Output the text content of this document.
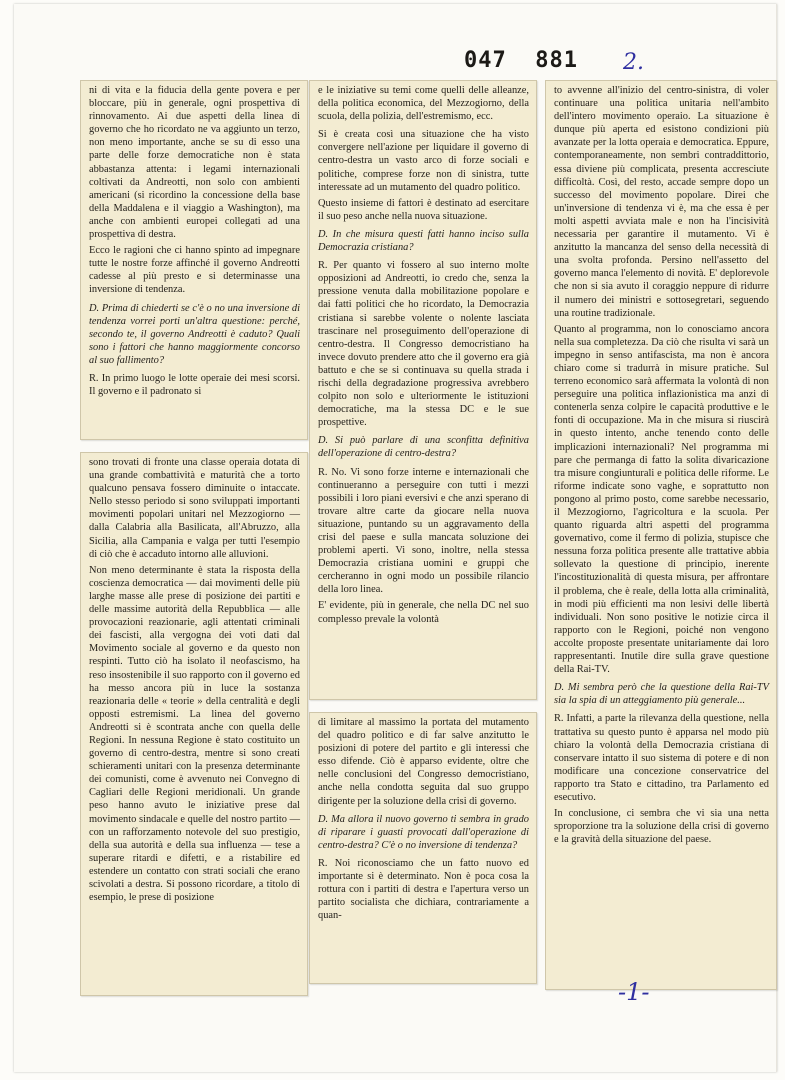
047  881 2.

ni di vita e la fiducia della gente povera e per bloccare, più in generale, ogni prospettiva di rinnovamento. Ai due aspetti della linea di governo che ho ricordato ne va aggiunto un terzo, non meno importante, anche se su di esso una parte delle forze democratiche non è stata abbastanza attenta: i legami internazionali coltivati da Andreotti, non solo con ambienti americani (si ricordino la concessione della base della Maddalena e il viaggio a Washington), ma anche con ambienti europei collegati ad una prospettiva di destra.

Ecco le ragioni che ci hanno spinto ad impegnare tutte le nostre forze affinché il governo Andreotti cadesse al più presto e si determinasse una inversione di tendenza.

D. Prima di chiederti se c'è o no una inversione di tendenza vorrei porti un'altra questione: perché, secondo te, il governo Andreotti è caduto? Quali sono i fattori che hanno maggiormente concorso al suo fallimento?

R. In primo luogo le lotte operaie dei mesi scorsi. Il governo e il padronato si

sono trovati di fronte una classe operaia dotata di una grande combattività e maturità che a torto qualcuno pensava fossero diminuite o intaccate. Nello stesso periodo si sono sviluppati importanti movimenti popolari unitari nel Mezzogiorno — dalla Calabria alla Basilicata, all'Abruzzo, alla Sicilia, alla Campania e valga per tutti l'esempio di ciò che è accaduto intorno alle alluvioni.

Non meno determinante è stata la risposta della coscienza democratica — dai movimenti delle più larghe masse alle prese di posizione dei partiti e delle massime autorità della Repubblica — alle provocazioni reazionarie, agli attentati criminali dei fascisti, alla vergogna dei voti dati dal Movimento sociale al governo e da questo non respinti. Tutto ciò ha isolato il neofascismo, ha reso insostenibile il suo rapporto con il governo ed ha messo ancora più in luce la sostanza reazionaria delle « teorie » della centralità e degli opposti estremismi. La linea del governo Andreotti si è scontrata anche con quella delle Regioni. In nessuna Regione è stato costituito un governo di centro-destra, mentre si sono creati schieramenti unitari con la presenza determinante dei comunisti, come è avvenuto nei Convegno di Cagliari delle Regioni meridionali. Un grande peso hanno avuto le iniziative prese dal movimento sindacale e quelle del nostro partito — con un rafforzamento notevole del suo prestigio, della sua autorità e della sua influenza — tese a superare ritardi e difetti, e a ristabilire ed estendere un contatto con strati sociali che erano scivolati a destra. Si possono ricordare, a titolo di esempio, le prese di posizione

e le iniziative su temi come quelli delle alleanze, della politica economica, del Mezzogiorno, della scuola, della polizia, dell'estremismo, ecc.

Si è creata così una situazione che ha visto convergere nell'azione per liquidare il governo di centro-destra un vasto arco di forze sociali e politiche, comprese forze non di sinistra, tutte interessate ad un mutamento del quadro politico.

Questo insieme di fattori è destinato ad esercitare il suo peso anche nella nuova situazione.

D. In che misura questi fatti hanno inciso sulla Democrazia cristiana?

R. Per quanto vi fossero al suo interno molte opposizioni ad Andreotti, io credo che, senza la pressione venuta dalla mobilitazione popolare e dai fatti politici che ho ricordato, la Democrazia cristiana si sarebbe volente o nolente lasciata trascinare nel proseguimento dell'operazione di centro-destra. Il Congresso democristiano ha invece dovuto prendere atto che il governo era già battuto e che se si continuava su quella strada i rischi della degradazione progressiva avrebbero colpito non solo e ulteriormente le istituzioni democratiche, ma la stessa DC e le sue prospettive.

D. Si può parlare di una sconfitta definitiva dell'operazione di centro-destra?

R. No. Vi sono forze interne e internazionali che continueranno a perseguire con tutti i mezzi possibili i loro piani eversivi e che anzi sperano di trovare altre carte da giocare nella nuova situazione, puntando su un aggravamento della crisi del paese e sulla mancata soluzione dei problemi aperti. Vi sono, inoltre, nella stessa Democrazia cristiana uomini e gruppi che cercheranno in ogni modo un possibile rilancio della loro linea.

E' evidente, più in generale, che nella DC nel suo complesso prevale la volontà

di limitare al massimo la portata del mutamento del quadro politico e di far salve anzitutto le posizioni di potere del partito e gli interessi che esso difende. Ciò è apparso evidente, oltre che nelle conclusioni del Congresso democristiano, anche nella condotta seguita dal suo gruppo dirigente per la soluzione della crisi di governo.

D. Ma allora il nuovo governo ti sembra in grado di riparare i guasti provocati dall'operazione di centro-destra? C'è o no inversione di tendenza?

R. Noi riconosciamo che un fatto nuovo ed importante si è determinato. Non è poca cosa la rottura con i partiti di destra e l'apertura verso un partito socialista che dichiara, contrariamente a quan-

to avvenne all'inizio del centro-sinistra, di voler continuare una politica unitaria nell'ambito dell'intero movimento operaio. La situazione è dunque più aperta ed esistono condizioni più avanzate per la lotta operaia e democratica. Eppure, contemporaneamente, non sembri contraddittorio, essa diviene più complicata, presenta accresciute difficoltà. Così, del resto, accade sempre dopo un successo del movimento popolare. Direi che un'inversione di tendenza vi è, ma che essa è per molti aspetti avviata male e non ha l'incisività necessaria per garantire il mutamento. Vi è anzitutto la mancanza del senso della necessità di una svolta profonda. Persino nell'assetto del governo manca l'elemento di novità. E' deplorevole che non si sia avuto il coraggio neppure di ridurre il numero dei ministri e sottosegretari, seguendo una routine tradizionale.

Quanto al programma, non lo conosciamo ancora nella sua completezza. Da ciò che risulta vi sarà un impegno in senso antifascista, ma non è ancora chiaro come si tradurrà in misure pratiche. Sul terreno economico sarà affermata la volontà di non perseguire una politica inflazionistica ma anzi di contenerla senza colpire le capacità produttive e le fonti di occupazione. Ma in che misura si riuscirà in questo intento, anche tenendo conto delle implicazioni internazionali? Nel programma mi pare che permanga di fatto la solita divaricazione tra misure congiunturali e politica delle riforme. Le riforme indicate sono vaghe, e soprattutto non pongono al primo posto, come sarebbe necessario, il Mezzogiorno, l'agricoltura e la scuola. Per quanto riguarda altri aspetti del programma governativo, come il fermo di polizia, stupisce che nessuna forza politica presente alle trattative abbia sollevato la questione di principio, inerente l'incostituzionalità di questa misura, per affrontare il problema, che è reale, della lotta alla criminalità, in modi più efficienti ma non lesivi delle libertà individuali. Non sono positive le notizie circa il rapporto con le Regioni, poiché non vengono accolte proposte presentate unitariamente dai loro rappresentanti. Inutile dire sulla grave questione della Rai-TV.

D. Mi sembra però che la questione della Rai-TV sia la spia di un atteggiamento più generale...

R. Infatti, a parte la rilevanza della questione, nella trattativa su questo punto è apparsa nel modo più chiaro la volontà della Democrazia cristiana di conservare intatto il suo sistema di potere e di non modificare una concezione conservatrice del rapporto tra Stato e cittadino, tra Parlamento ed esecutivo.

In conclusione, ci sembra che vi sia una netta sproporzione tra la soluzione della crisi di governo e la gravità della situazione del paese.

-1-
